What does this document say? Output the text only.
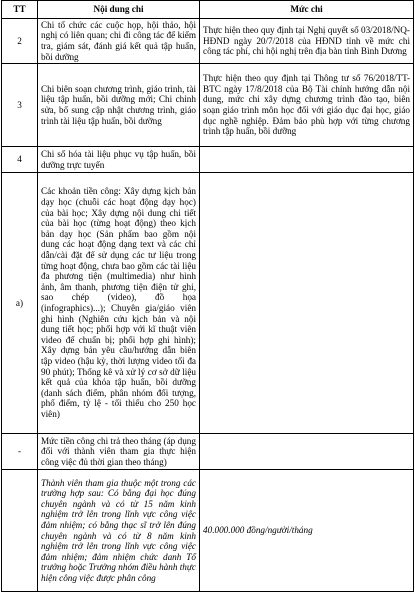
TT	Nội dung chi	Mức chi
2	Chi tổ chức các cuộc họp, hội thảo, hội nghị có liên quan; chi đi công tác để kiểm tra, giám sát, đánh giá kết quả tập huấn, bồi dưỡng	Thực hiện theo quy định tại Nghị quyết số 03/2018/NQ-HĐND ngày 20/7/2018 của HĐND tỉnh về mức chi công tác phí, chi hội nghị trên địa bàn tỉnh Bình Dương
3	Chi biên soạn chương trình, giáo trình, tài liệu tập huấn, bồi dưỡng mới; Chi chỉnh sửa, bổ sung cập nhật chương trình, giáo trình tài liệu tập huấn, bồi dưỡng	Thực hiện theo quy định tại Thông tư số 76/2018/TT-BTC ngày 17/8/2018 của Bộ Tài chính hướng dẫn nội dung, mức chi xây dựng chương trình đào tạo, biên soạn giáo trình môn học đối với giáo dục đại học, giáo dục nghề nghiệp. Đảm bảo phù hợp với từng chương trình tập huấn, bồi dưỡng
4	Chi số hóa tài liệu phục vụ tập huấn, bồi dưỡng trực tuyến	
a)	Các khoản tiền công: Xây dựng kịch bản dạy học (chuỗi các hoạt động dạy học) của bài học; Xây dựng nội dung chi tiết của bài học (từng hoạt động) theo kịch bản dạy học (Sản phẩm bao gồm nội dung các hoạt động dạng text và các chỉ dẫn/cài đặt để sử dụng các tư liệu trong từng hoạt động, chưa bao gồm các tài liệu đa phương tiện (multimedia) như hình ảnh, âm thanh, phương tiện điện tử ghi, sao chép (video), đồ họa (infographics)...); Chuyên gia/giáo viên ghi hình (Nghiên cứu kịch bản và nội dung tiết học; phối hợp với kĩ thuật viên video để chuẩn bị; phối hợp ghi hình); Xây dựng bản yêu cầu/hướng dẫn biên tập video (hậu kỳ, thời lượng video tối đa 90 phút); Thống kê và xử lý cơ sở dữ liệu kết quả của khóa tập huấn, bồi dưỡng (danh sách điểm, phân nhóm đối tượng, phổ điểm, tỷ lệ - tối thiểu cho 250 học viên)	
-	Mức tiền công chi trả theo tháng (áp dụng đối với thành viên tham gia thực hiện công việc đủ thời gian theo tháng)	
	Thành viên tham gia thuộc một trong các trường hợp sau: Có bằng đại học đúng chuyên ngành và có từ 15 năm kinh nghiệm trở lên trong lĩnh vực công việc đảm nhiệm; có bằng thạc sĩ trở lên đúng chuyên ngành và có từ 8 năm kinh nghiệm trở lên trong lĩnh vực công việc đảm nhiệm; đảm nhiệm chức danh Tổ trưởng hoặc Trưởng nhóm điều hành thực hiện công việc được phân công	40.000.000 đồng/người/tháng
